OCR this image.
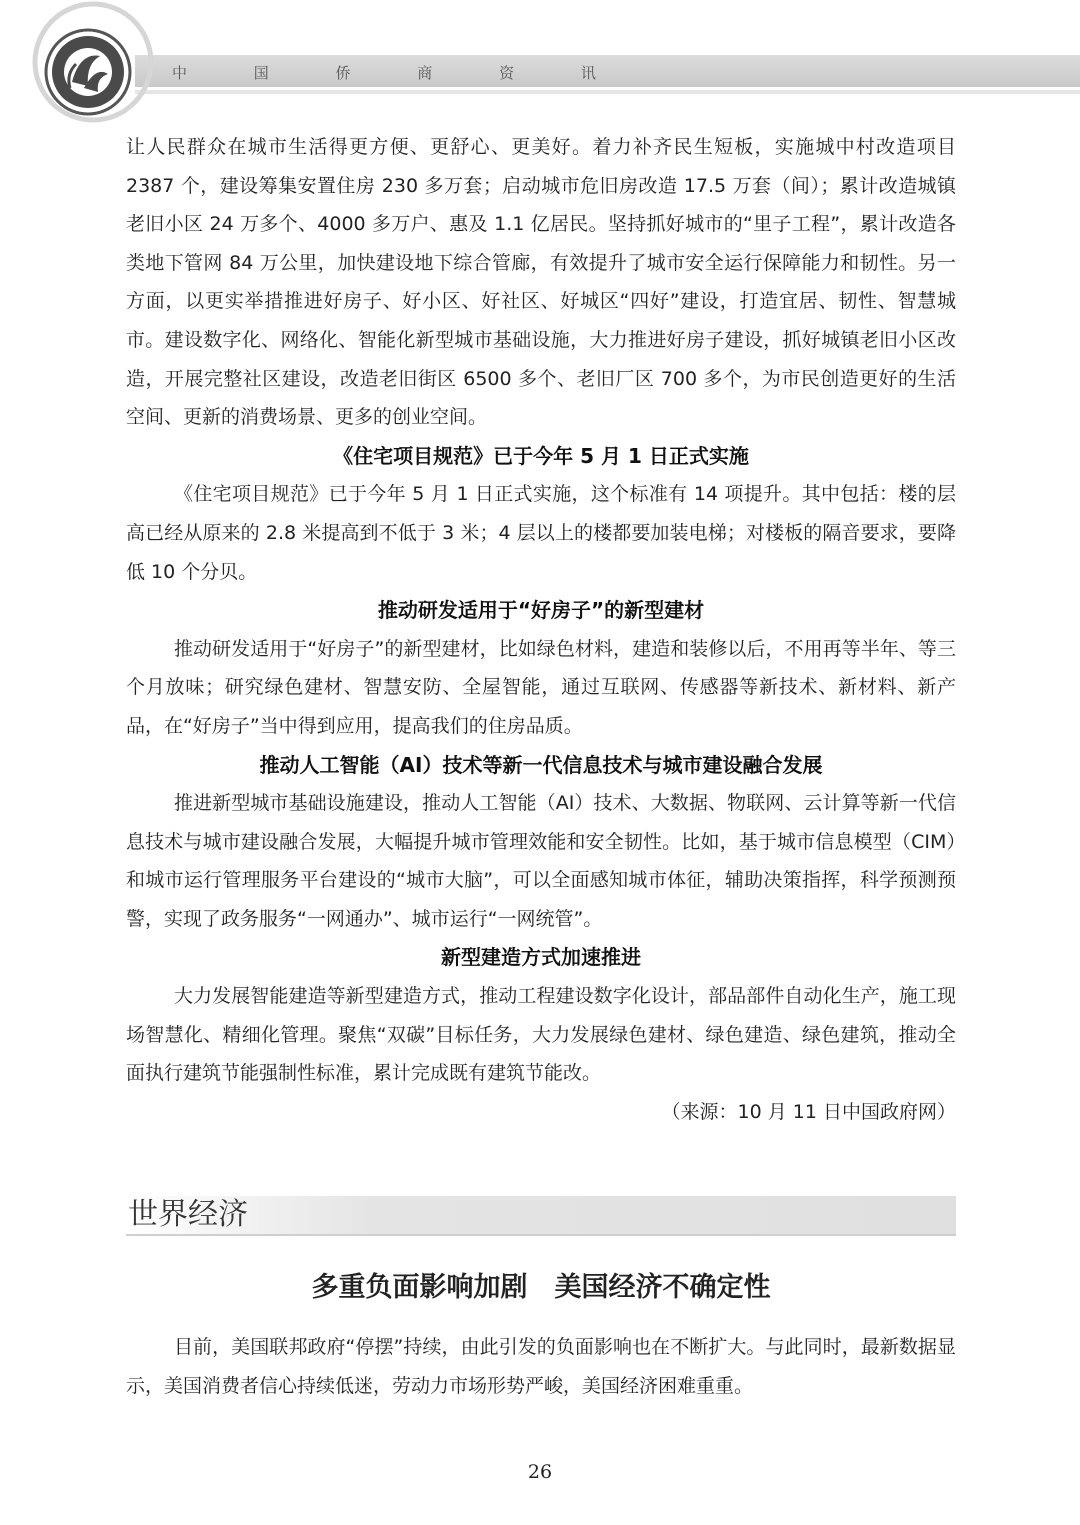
中 国 侨 商 资 讯

让人民群众在城市生活得更方便、更舒心、更美好。着力补齐民生短板，实施城中村改造项目 2387 个，建设筹集安置住房 230 多万套；启动城市危旧房改造 17.5 万套（间）；累计改造城镇老旧小区 24 万多个、4000 多万户、惠及 1.1 亿居民。坚持抓好城市的“里子工程”，累计改造各类地下管网 84 万公里，加快建设地下综合管廊，有效提升了城市安全运行保障能力和韧性。另一方面，以更实举措推进好房子、好小区、好社区、好城区“四好”建设，打造宜居、韧性、智慧城市。建设数字化、网络化、智能化新型城市基础设施，大力推进好房子建设，抓好城镇老旧小区改造，开展完整社区建设，改造老旧街区 6500 多个、老旧厂区 700 多个，为市民创造更好的生活空间、更新的消费场景、更多的创业空间。

《住宅项目规范》已于今年 5 月 1 日正式实施

《住宅项目规范》已于今年 5 月 1 日正式实施，这个标准有 14 项提升。其中包括：楼的层高已经从原来的 2.8 米提高到不低于 3 米；4 层以上的楼都要加装电梯；对楼板的隔音要求，要降低 10 个分贝。

推动研发适用于“好房子”的新型建材

推动研发适用于“好房子”的新型建材，比如绿色材料，建造和装修以后，不用再等半年、等三个月放味；研究绿色建材、智慧安防、全屋智能，通过互联网、传感器等新技术、新材料、新产品，在“好房子”当中得到应用，提高我们的住房品质。

推动人工智能（AI）技术等新一代信息技术与城市建设融合发展

推进新型城市基础设施建设，推动人工智能（AI）技术、大数据、物联网、云计算等新一代信息技术与城市建设融合发展，大幅提升城市管理效能和安全韧性。比如，基于城市信息模型（CIM）和城市运行管理服务平台建设的“城市大脑”，可以全面感知城市体征，辅助决策指挥，科学预测预警，实现了政务服务“一网通办”、城市运行“一网统管”。

新型建造方式加速推进

大力发展智能建造等新型建造方式，推动工程建设数字化设计，部品部件自动化生产，施工现场智慧化、精细化管理。聚焦“双碳”目标任务，大力发展绿色建材、绿色建造、绿色建筑，推动全面执行建筑节能强制性标准，累计完成既有建筑节能改。

（来源：10 月 11 日中国政府网）

世界经济
多重负面影响加剧　美国经济不确定性

目前，美国联邦政府“停摆”持续，由此引发的负面影响也在不断扩大。与此同时，最新数据显示，美国消费者信心持续低迷，劳动力市场形势严峻，美国经济困难重重。

26
